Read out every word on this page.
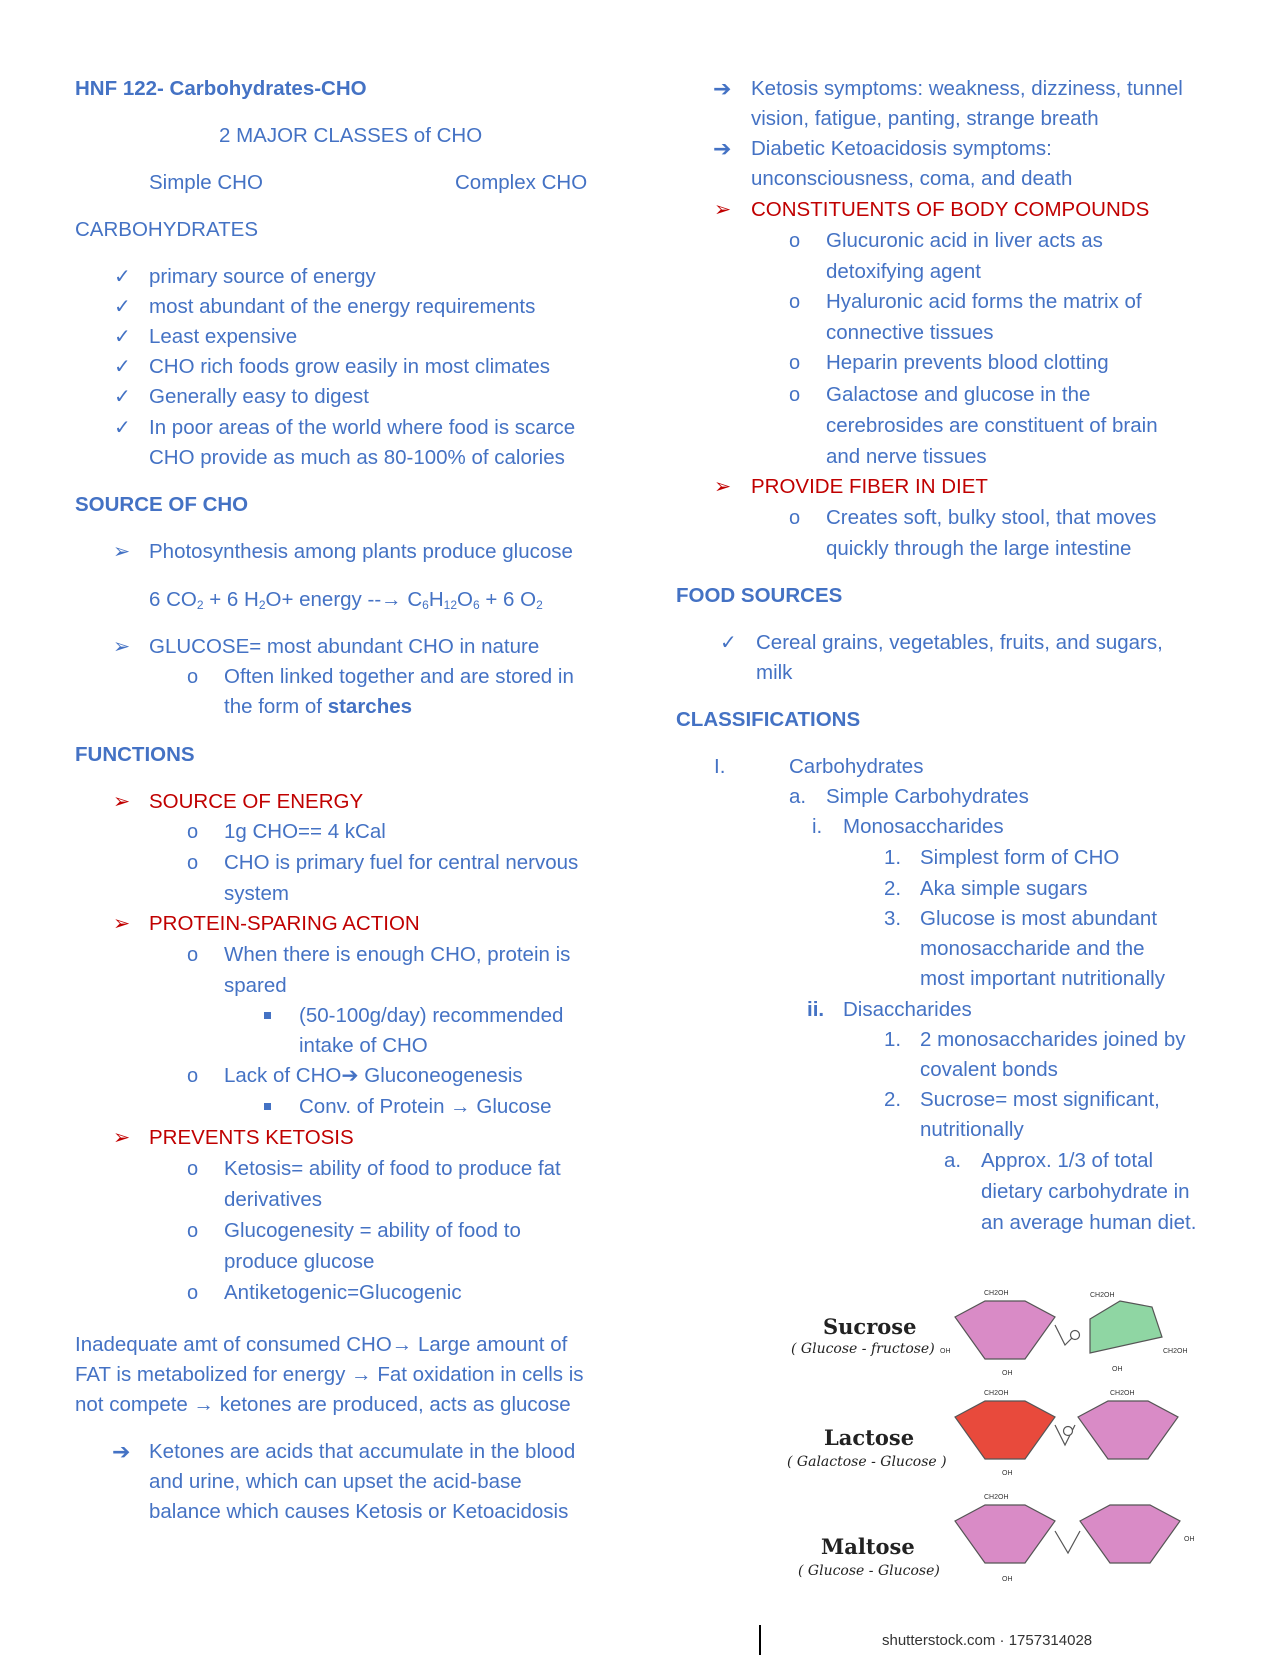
HNF 122- Carbohydrates-CHO
2 MAJOR CLASSES of CHO
Simple CHO	Complex CHO
CARBOHYDRATES
✓ primary source of energy
✓ most abundant of the energy requirements
✓ Least expensive
✓ CHO rich foods grow easily in most climates
✓ Generally easy to digest
✓ In poor areas of the world where food is scarce
CHO provide as much as 80-100% of calories
SOURCE OF CHO
➢ Photosynthesis among plants produce glucose
6 $CO_2 + 6$ $H_2O+$ energy --→ $C_6H_{12}O_6 + 6$ $O_2$
➢ GLUCOSE= most abundant CHO in nature
o Often linked together and are stored in
the form of starches
FUNCTIONS
➢ SOURCE OF ENERGY
o 1g CHO== 4 kCal
o CHO is primary fuel for central nervous
system
➢ PROTEIN-SPARING ACTION
o When there is enough CHO, protein is
spared
(50-100g/day) recommended
intake of CHO
o Lack of CHO➔ Gluconeogenesis
Conv. of Protein → Glucose
➢ PREVENTS KETOSIS
o Ketosis= ability of food to produce fat
derivatives
o Glucogenesity = ability of food to
produce glucose
o Antiketogenic=Glucogenic
Inadequate amt of consumed CHO→ Large amount of
FAT is metabolized for energy → Fat oxidation in cells is
not compete → ketones are produced, acts as glucose
➔ Ketones are acids that accumulate in the blood
and urine, which can upset the acid-base
balance which causes Ketosis or Ketoacidosis
➔ Ketosis symptoms: weakness, dizziness, tunnel
vision, fatigue, panting, strange breath
➔ Diabetic Ketoacidosis symptoms:
unconsciousness, coma, and death
➢ CONSTITUENTS OF BODY COMPOUNDS
o Glucuronic acid in liver acts as
detoxifying agent
o Hyaluronic acid forms the matrix of
connective tissues
o Heparin prevents blood clotting
o Galactose and glucose in the
cerebrosides are constituent of brain
and nerve tissues
➢ PROVIDE FIBER IN DIET
o Creates soft, bulky stool, that moves
quickly through the large intestine
FOOD SOURCES
✓ Cereal grains, vegetables, fruits, and sugars,
milk
CLASSIFICATIONS
I.	Carbohydrates
a. Simple Carbohydrates
i. Monosaccharides
1. Simplest form of CHO
2. Aka simple sugars
3. Glucose is most abundant
monosaccharide and the
most important nutritionally
ii. Disaccharides
1. 2 monosaccharides joined by
covalent bonds
2. Sucrose= most significant,
nutritionally
a. Approx. 1/3 of total
dietary carbohydrate in
an average human diet.
Sucrose
( Glucose - fructose)
Lactose
( Galactose - Glucose )
Maltose
( Glucose - Glucose)
CH2OH	CH2OH
CH2OH
OH
OH
OH
CH2OH	CH2OH
OH
CH2OH
OH
OH
shutterstock.com · 1757314028
